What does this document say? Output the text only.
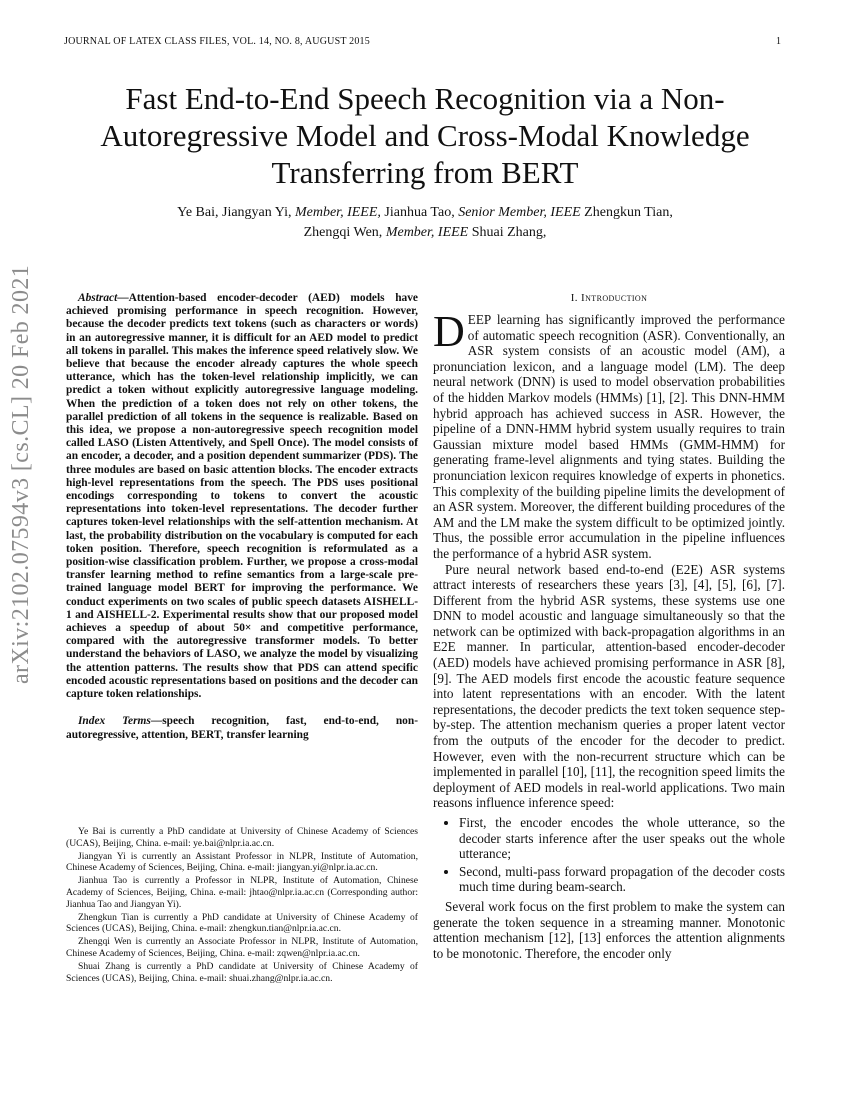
JOURNAL OF LATEX CLASS FILES, VOL. 14, NO. 8, AUGUST 2015	1
Fast End-to-End Speech Recognition via a Non-Autoregressive Model and Cross-Modal Knowledge Transferring from BERT
Ye Bai, Jiangyan Yi, Member, IEEE, Jianhua Tao, Senior Member, IEEE Zhengkun Tian,
Zhengqi Wen, Member, IEEE Shuai Zhang,
arXiv:2102.07594v3 [cs.CL] 20 Feb 2021	Abstract—Attention-based encoder-decoder (AED) models have achieved promising performance in speech recognition. However, because the decoder predicts text tokens (such as characters or words) in an autoregressive manner, it is difficult for an AED model to predict all tokens in parallel. This makes the inference speed relatively slow. We believe that because the encoder already captures the whole speech utterance, which has the token-level relationship implicitly, we can predict a token without explicitly autoregressive language modeling. When the prediction of a token does not rely on other tokens, the parallel prediction of all tokens in the sequence is realizable. Based on this idea, we propose a non-autoregressive speech recognition model called LASO (Listen Attentively, and Spell Once). The model consists of an encoder, a decoder, and a position dependent summarizer (PDS). The three modules are based on basic attention blocks. The encoder extracts high-level representations from the speech. The PDS uses positional encodings corresponding to tokens to convert the acoustic representations into token-level representations. The decoder further captures token-level relationships with the self-attention mechanism. At last, the probability distribution on the vocabulary is computed for each token position. Therefore, speech recognition is reformulated as a position-wise classification problem. Further, we propose a cross-modal transfer learning method to refine semantics from a large-scale pre-trained language model BERT for improving the performance. We conduct experiments on two scales of public speech datasets AISHELL-1 and AISHELL-2. Experimental results show that our proposed model achieves a speedup of about 50× and competitive performance, compared with the autoregressive transformer models. To better understand the behaviors of LASO, we analyze the model by visualizing the attention patterns. The results show that PDS can attend specific encoded acoustic representations based on positions and the decoder can capture token relationships.

Index Terms—speech recognition, fast, end-to-end, non-autoregressive, attention, BERT, transfer learning

Ye Bai is currently a PhD candidate at University of Chinese Academy of Sciences (UCAS), Beijing, China. e-mail: ye.bai@nlpr.ia.ac.cn.

Jiangyan Yi is currently an Assistant Professor in NLPR, Institute of Automation, Chinese Academy of Sciences, Beijing, China. e-mail: jiangyan.yi@nlpr.ia.ac.cn.

Jianhua Tao is currently a Professor in NLPR, Institute of Automation, Chinese Academy of Sciences, Beijing, China. e-mail: jhtao@nlpr.ia.ac.cn (Corresponding author: Jianhua Tao and Jiangyan Yi).

Zhengkun Tian is currently a PhD candidate at University of Chinese Academy of Sciences (UCAS), Beijing, China. e-mail: zhengkun.tian@nlpr.ia.ac.cn.

Zhengqi Wen is currently an Associate Professor in NLPR, Institute of Automation, Chinese Academy of Sciences, Beijing, China. e-mail: zqwen@nlpr.ia.ac.cn.

Shuai Zhang is currently a PhD candidate at University of Chinese Academy of Sciences (UCAS), Beijing, China. e-mail: shuai.zhang@nlpr.ia.ac.cn.

I. Introduction

DEEP learning has significantly improved the performance of automatic speech recognition (ASR). Conventionally, an ASR system consists of an acoustic model (AM), a pronunciation lexicon, and a language model (LM). The deep neural network (DNN) is used to model observation probabilities of the hidden Markov models (HMMs) [1], [2]. This DNN-HMM hybrid approach has achieved success in ASR. However, the pipeline of a DNN-HMM hybrid system usually requires to train Gaussian mixture model based HMMs (GMM-HMM) for generating frame-level alignments and tying states. Building the pronunciation lexicon requires knowledge of experts in phonetics. This complexity of the building pipeline limits the development of an ASR system. Moreover, the different building procedures of the AM and the LM make the system difficult to be optimized jointly. Thus, the possible error accumulation in the pipeline influences the performance of a hybrid ASR system.

Pure neural network based end-to-end (E2E) ASR systems attract interests of researchers these years [3], [4], [5], [6], [7]. Different from the hybrid ASR systems, these systems use one DNN to model acoustic and language simultaneously so that the network can be optimized with back-propagation algorithms in an E2E manner. In particular, attention-based encoder-decoder (AED) models have achieved promising performance in ASR [8], [9]. The AED models first encode the acoustic feature sequence into latent representations with an encoder. With the latent representations, the decoder predicts the text token sequence step-by-step. The attention mechanism queries a proper latent vector from the outputs of the encoder for the decoder to predict. However, even with the non-recurrent structure which can be implemented in parallel [10], [11], the recognition speed limits the deployment of AED models in real-world applications. Two main reasons influence inference speed:

• First, the encoder encodes the whole utterance, so the decoder starts inference after the user speaks out the whole utterance;
• Second, multi-pass forward propagation of the decoder costs much time during beam-search.

Several work focus on the first problem to make the system can generate the token sequence in a streaming manner. Monotonic attention mechanism [12], [13] enforces the attention alignments to be monotonic. Therefore, the encoder only
